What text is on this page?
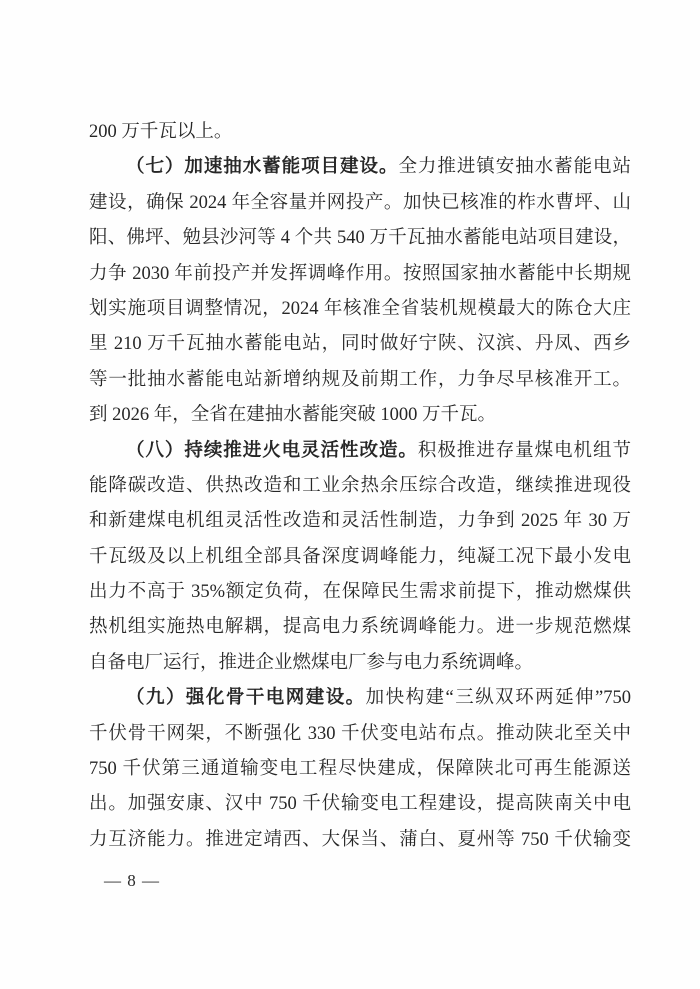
200 万千瓦以上。
（七）加速抽水蓄能项目建设。全力推进镇安抽水蓄能电站
建设，确保 2024 年全容量并网投产。加快已核准的柞水曹坪、山
阳、佛坪、勉县沙河等 4 个共 540 万千瓦抽水蓄能电站项目建设，
力争 2030 年前投产并发挥调峰作用。按照国家抽水蓄能中长期规
划实施项目调整情况，2024 年核准全省装机规模最大的陈仓大庄
里 210 万千瓦抽水蓄能电站，同时做好宁陕、汉滨、丹凤、西乡
等一批抽水蓄能电站新增纳规及前期工作，力争尽早核准开工。
到 2026 年，全省在建抽水蓄能突破 1000 万千瓦。
（八）持续推进火电灵活性改造。积极推进存量煤电机组节
能降碳改造、供热改造和工业余热余压综合改造，继续推进现役
和新建煤电机组灵活性改造和灵活性制造，力争到 2025 年 30 万
千瓦级及以上机组全部具备深度调峰能力，纯凝工况下最小发电
出力不高于 35%额定负荷，在保障民生需求前提下，推动燃煤供
热机组实施热电解耦，提高电力系统调峰能力。进一步规范燃煤
自备电厂运行，推进企业燃煤电厂参与电力系统调峰。
（九）强化骨干电网建设。加快构建“三纵双环两延伸”750
千伏骨干网架，不断强化 330 千伏变电站布点。推动陕北至关中
750 千伏第三通道输变电工程尽快建成，保障陕北可再生能源送
出。加强安康、汉中 750 千伏输变电工程建设，提高陕南关中电
力互济能力。推进定靖西、大保当、蒲白、夏州等 750 千伏输变
— 8 —
